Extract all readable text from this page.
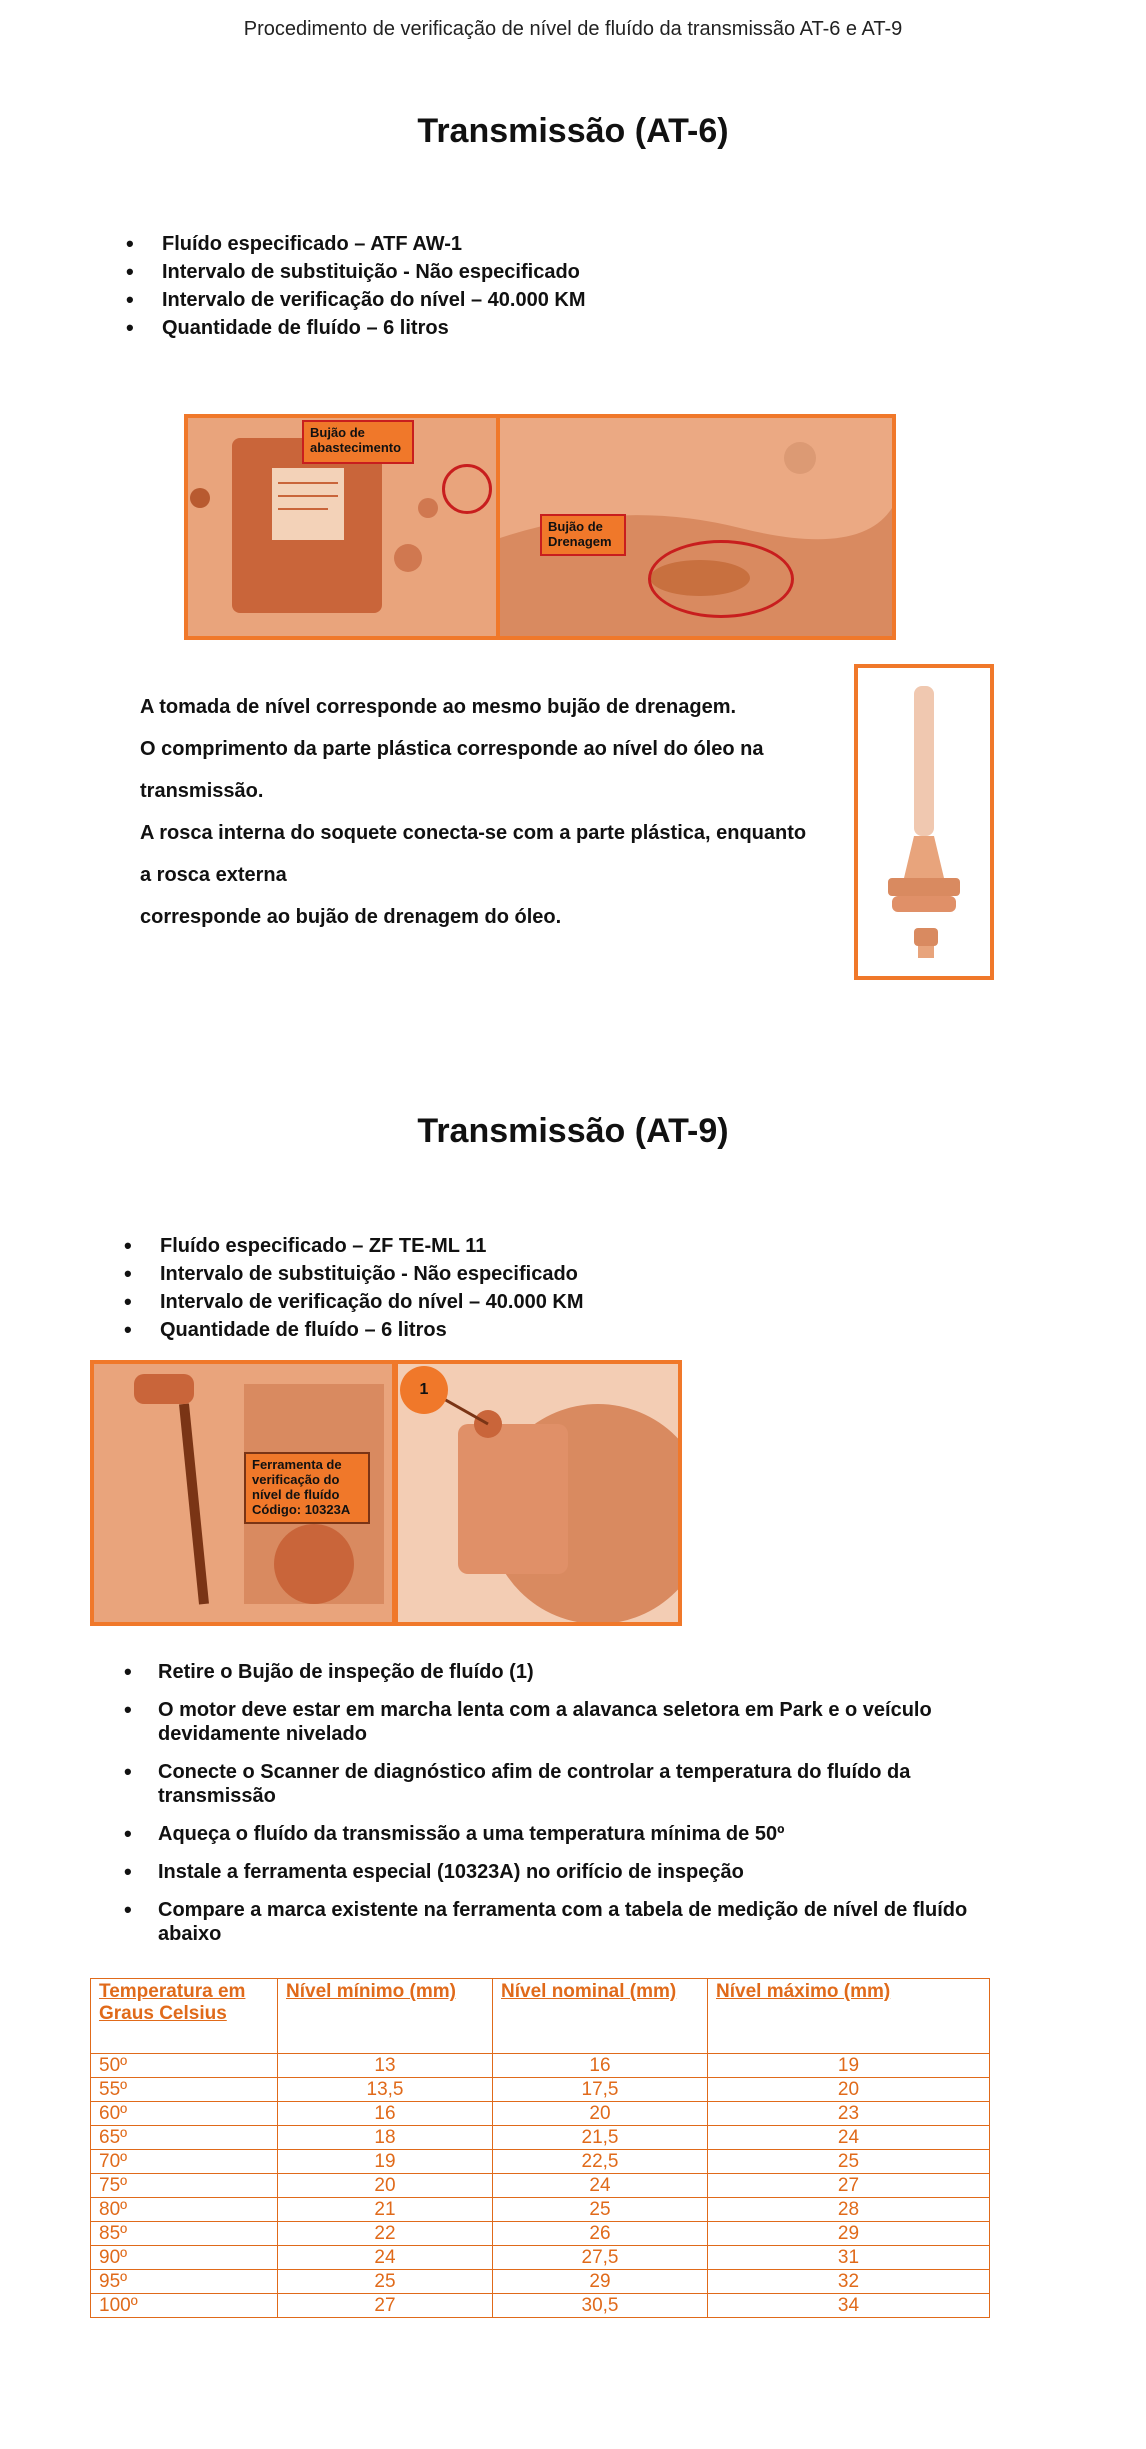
Procedimento de verificação de nível de fluído da transmissão AT-6 e AT-9
Transmissão (AT-6)
• Fluído especificado – ATF AW-1
• Intervalo de substituição - Não especificado
• Intervalo de verificação do nível – 40.000 KM
• Quantidade de fluído – 6 litros
Bujão de abastecimento
Bujão de Drenagem
A tomada de nível corresponde ao mesmo bujão de drenagem.
O comprimento da parte plástica corresponde ao nível do óleo na
transmissão.
A rosca interna do soquete conecta-se com a parte plástica, enquanto
a rosca externa
corresponde ao bujão de drenagem do óleo.
Transmissão (AT-9)
• Fluído especificado – ZF TE-ML 11
• Intervalo de substituição - Não especificado
• Intervalo de verificação do nível – 40.000 KM
• Quantidade de fluído – 6 litros
Ferramenta de verificação do nível de fluído Código: 10323A
1
• Retire o Bujão de inspeção de fluído (1)
• O motor deve estar em marcha lenta com a alavanca seletora em Park e o veículo devidamente nivelado
• Conecte o Scanner de diagnóstico afim de controlar a temperatura do fluído da transmissão
• Aqueça o fluído da transmissão a uma temperatura mínima de 50º
• Instale a ferramenta especial (10323A) no orifício de inspeção
• Compare a marca existente na ferramenta com a tabela de medição de nível de fluído abaixo
Temperatura em Graus Celsius	Nível mínimo (mm)	Nível nominal (mm)	Nível máximo (mm)
50º	13	16	19
55º	13,5	17,5	20
60º	16	20	23
65º	18	21,5	24
70º	19	22,5	25
75º	20	24	27
80º	21	25	28
85º	22	26	29
90º	24	27,5	31
95º	25	29	32
100º	27	30,5	34
